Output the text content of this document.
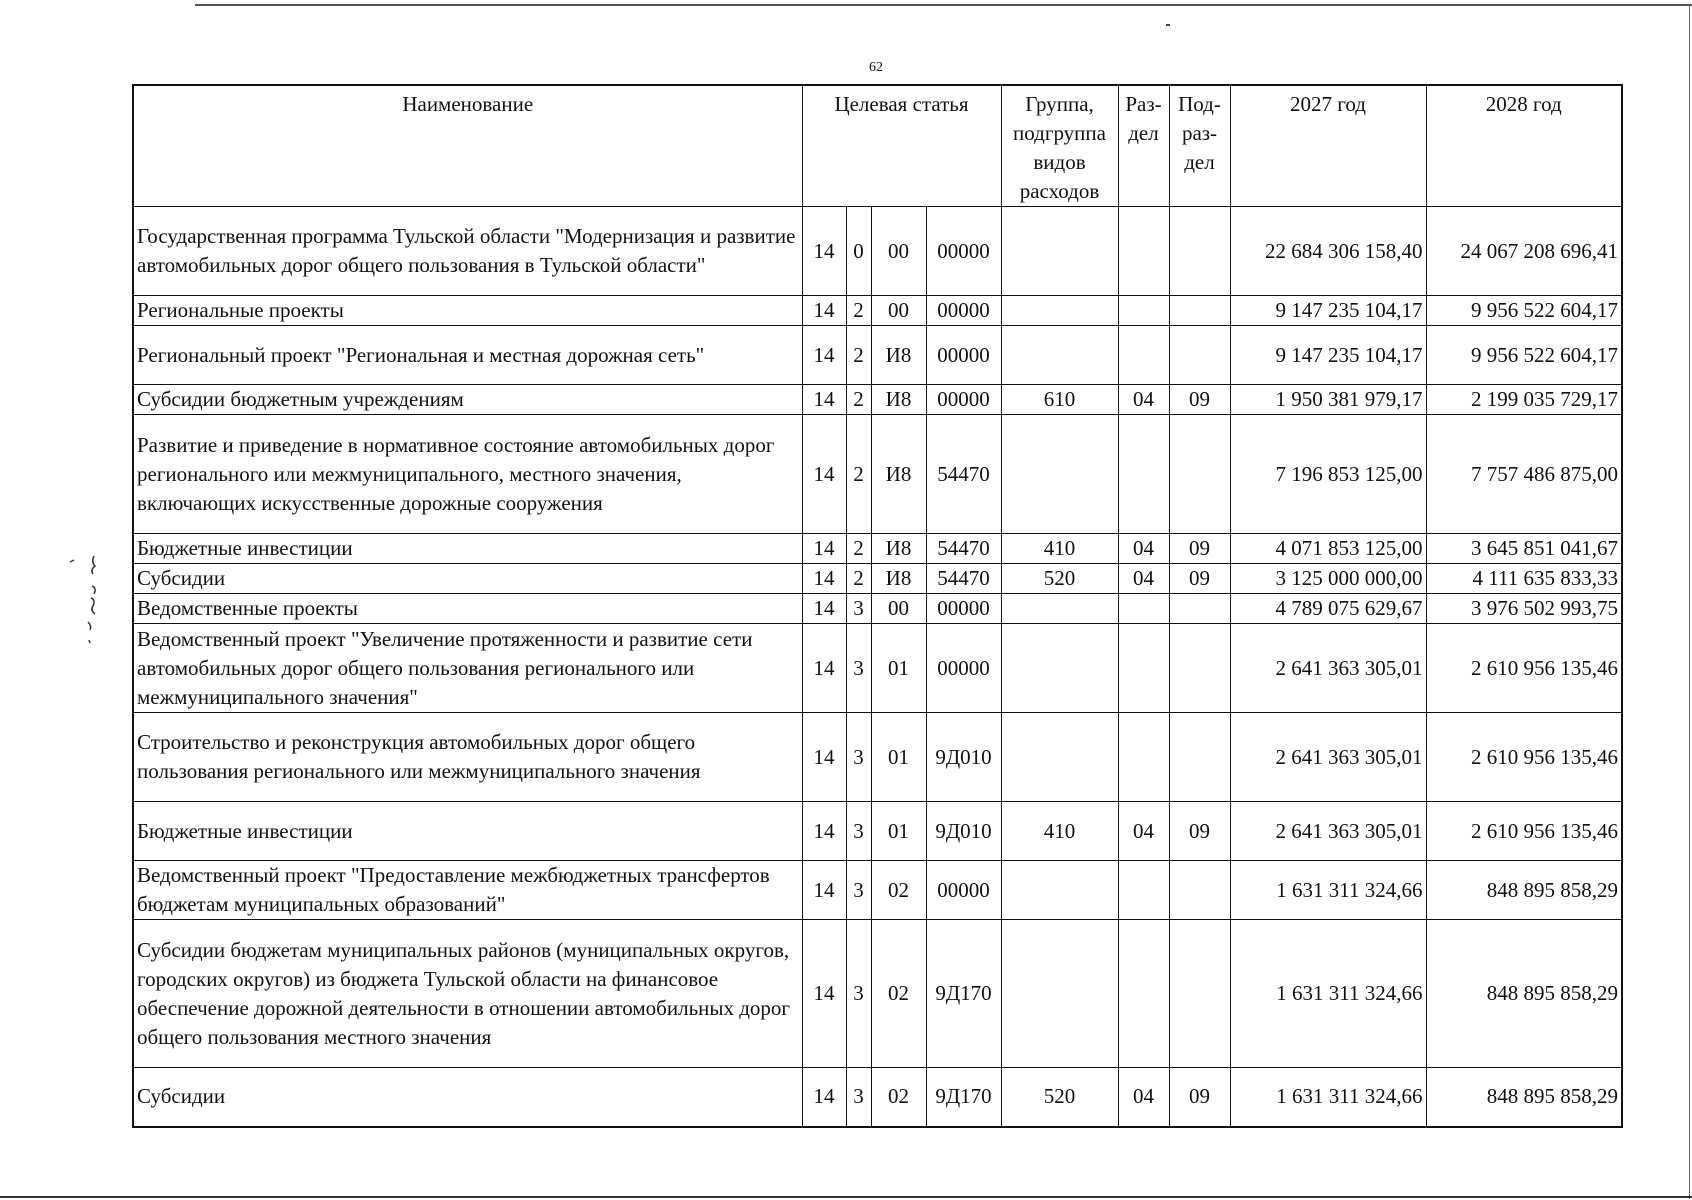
62
Наименование	Целевая статья				Группа, подгруппа видов расходов	Раз- дел	Под- раз- дел	2027 год	2028 год
Государственная программа Тульской области "Модернизация и развитие автомобильных дорог общего пользования в Тульской области"	14	0	00	00000				22 684 306 158,40	24 067 208 696,41
Региональные проекты	14	2	00	00000				9 147 235 104,17	9 956 522 604,17
Региональный проект "Региональная и местная дорожная сеть"	14	2	И8	00000				9 147 235 104,17	9 956 522 604,17
Субсидии бюджетным учреждениям	14	2	И8	00000	610	04	09	1 950 381 979,17	2 199 035 729,17
Развитие и приведение в нормативное состояние автомобильных дорог регионального или межмуниципального, местного значения, включающих искусственные дорожные сооружения	14	2	И8	54470				7 196 853 125,00	7 757 486 875,00
Бюджетные инвестиции	14	2	И8	54470	410	04	09	4 071 853 125,00	3 645 851 041,67
Субсидии	14	2	И8	54470	520	04	09	3 125 000 000,00	4 111 635 833,33
Ведомственные проекты	14	3	00	00000				4 789 075 629,67	3 976 502 993,75
Ведомственный проект "Увеличение протяженности и развитие сети автомобильных дорог общего пользования регионального или межмуниципального значения"	14	3	01	00000				2 641 363 305,01	2 610 956 135,46
Строительство и реконструкция автомобильных дорог общего пользования регионального или межмуниципального значения	14	3	01	9Д010				2 641 363 305,01	2 610 956 135,46
Бюджетные инвестиции	14	3	01	9Д010	410	04	09	2 641 363 305,01	2 610 956 135,46
Ведомственный проект "Предоставление межбюджетных трансфертов бюджетам муниципальных образований"	14	3	02	00000				1 631 311 324,66	848 895 858,29
Субсидии бюджетам муниципальных районов (муниципальных округов, городских округов) из бюджета Тульской области на финансовое обеспечение дорожной деятельности в отношении автомобильных дорог общего пользования местного значения	14	3	02	9Д170				1 631 311 324,66	848 895 858,29
Субсидии	14	3	02	9Д170	520	04	09	1 631 311 324,66	848 895 858,29
